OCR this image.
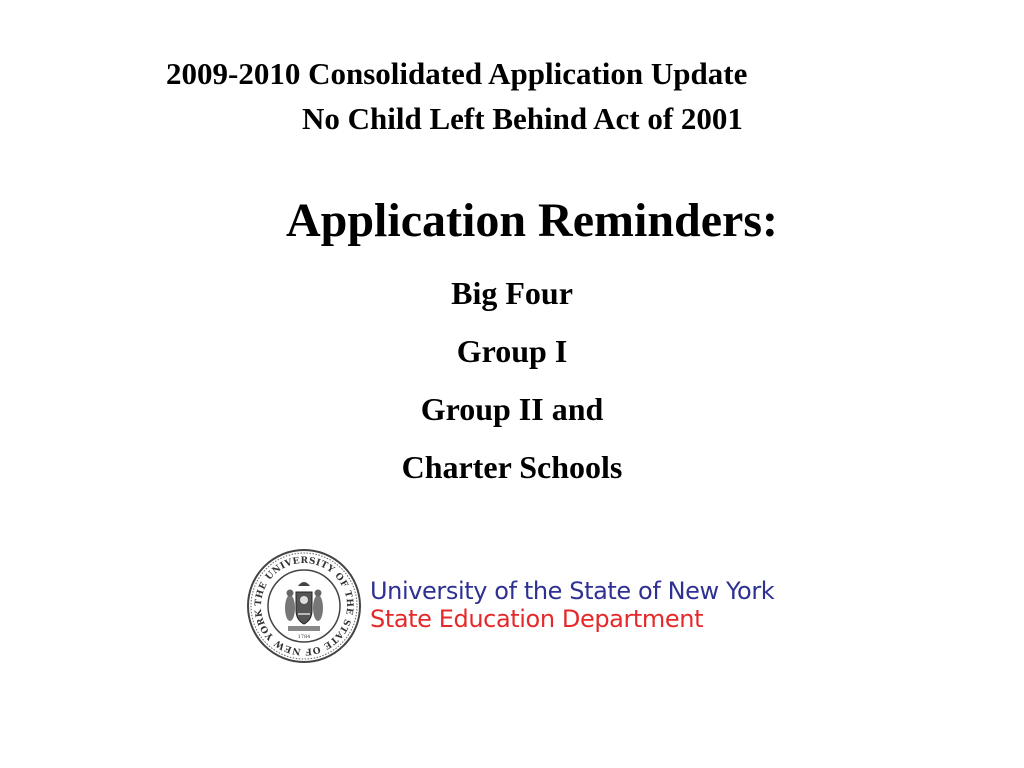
2009-2010 Consolidated Application Update
No Child Left Behind Act of 2001
Application Reminders:
Big Four
Group I
Group II and
Charter Schools
THE UNIVERSITY OF THE STATE OF NEW YORK
1784
University of the State of New York
State Education Department
